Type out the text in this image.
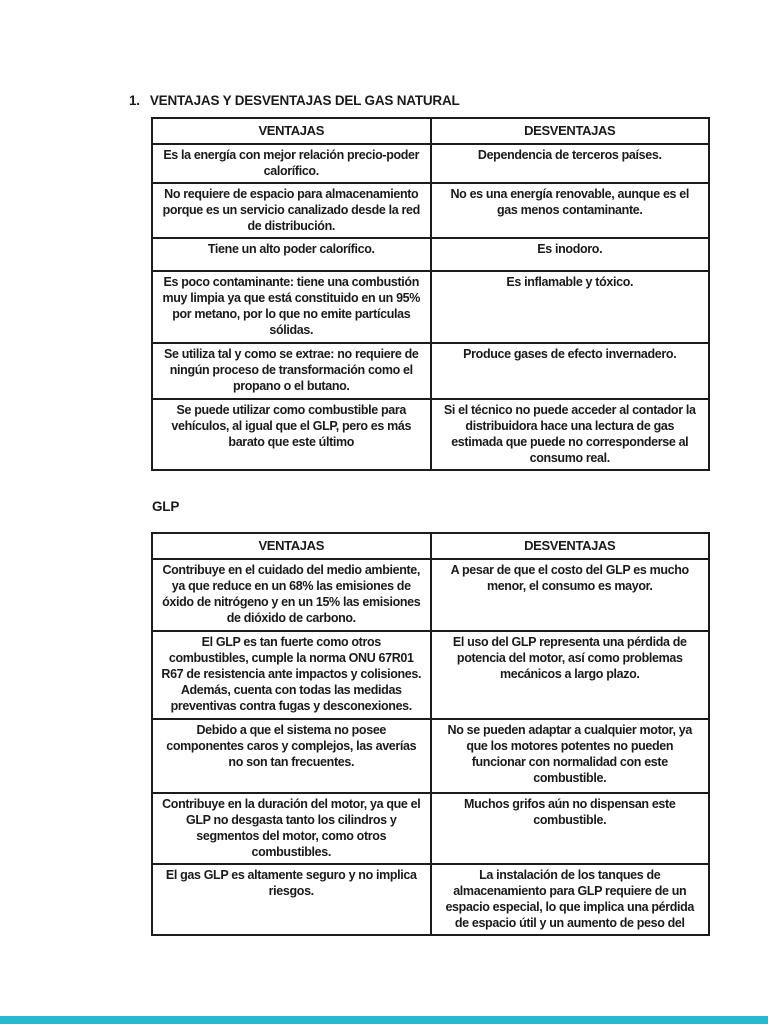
1. VENTAJAS Y DESVENTAJAS DEL GAS NATURAL
VENTAJAS	DESVENTAJAS
Es la energía con mejor relación precio-poder calorífico.	Dependencia de terceros países.
No requiere de espacio para almacenamiento porque es un servicio canalizado desde la red de distribución.	No es una energía renovable, aunque es el gas menos contaminante.
Tiene un alto poder calorífico.	Es inodoro.
Es poco contaminante: tiene una combustión muy limpia ya que está constituido en un 95% por metano, por lo que no emite partículas sólidas.	Es inflamable y tóxico.
Se utiliza tal y como se extrae: no requiere de ningún proceso de transformación como el propano o el butano.	Produce gases de efecto invernadero.
Se puede utilizar como combustible para vehículos, al igual que el GLP, pero es más barato que este último	Si el técnico no puede acceder al contador la distribuidora hace una lectura de gas estimada que puede no corresponderse al consumo real.
GLP
VENTAJAS	DESVENTAJAS
Contribuye en el cuidado del medio ambiente, ya que reduce en un 68% las emisiones de óxido de nitrógeno y en un 15% las emisiones de dióxido de carbono.	A pesar de que el costo del GLP es mucho menor, el consumo es mayor.
El GLP es tan fuerte como otros combustibles, cumple la norma ONU 67R01 R67 de resistencia ante impactos y colisiones. Además, cuenta con todas las medidas preventivas contra fugas y desconexiones.	El uso del GLP representa una pérdida de potencia del motor, así como problemas mecánicos a largo plazo.
Debido a que el sistema no posee componentes caros y complejos, las averías no son tan frecuentes.	No se pueden adaptar a cualquier motor, ya que los motores potentes no pueden funcionar con normalidad con este combustible.
Contribuye en la duración del motor, ya que el GLP no desgasta tanto los cilindros y segmentos del motor, como otros combustibles.	Muchos grifos aún no dispensan este combustible.
El gas GLP es altamente seguro y no implica riesgos.	La instalación de los tanques de almacenamiento para GLP requiere de un espacio especial, lo que implica una pérdida de espacio útil y un aumento de peso del
